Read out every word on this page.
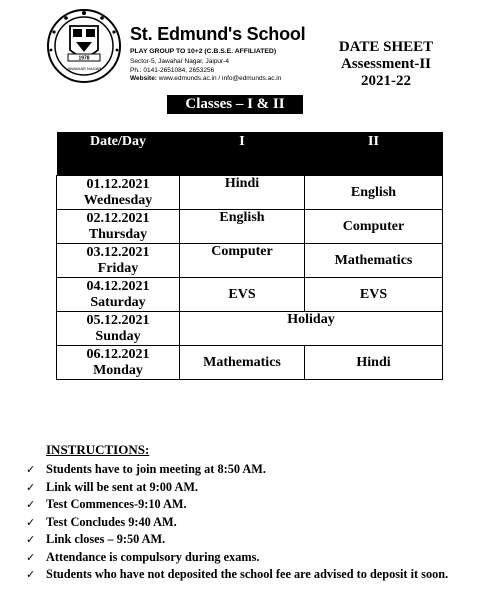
1978
JAWAHAR NAGAR
St. Edmund's School
PLAY GROUP TO 10+2 (C.B.S.E. AFFILIATED)
Sector-5, Jawahar Nagar, Jaipur-4
Ph.: 0141-2651084, 2653256
Website: www.edmunds.ac.in / info@edmunds.ac.in
DATE SHEET
Assessment-II
2021-22
Classes – I & II
Date/Day	I	II

01.12.2021
Wednesday	Hindi	English

02.12.2021
Thursday	English	Computer

03.12.2021
Friday	Computer	Mathematics

04.12.2021
Saturday	EVS	EVS

05.12.2021
Sunday	Holiday	

06.12.2021
Monday	Mathematics	Hindi
INSTRUCTIONS:
✓ Students have to join meeting at 8:50 AM.
✓ Link will be sent at 9:00 AM.
✓ Test Commences-9:10 AM.
✓ Test Concludes 9:40 AM.
✓ Link closes – 9:50 AM.
✓ Attendance is compulsory during exams.
✓ Students who have not deposited the school fee are advised to deposit it soon.
